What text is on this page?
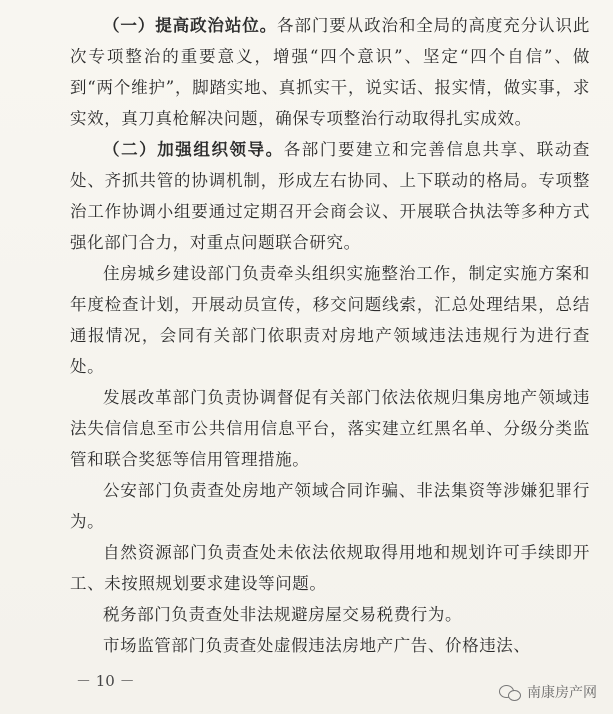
（一）提高政治站位。各部门要从政治和全局的高度充分认识此次专项整治的重要意义，增强“四个意识”、坚定“四个自信”、做到“两个维护”，脚踏实地、真抓实干，说实话、报实情，做实事，求实效，真刀真枪解决问题，确保专项整治行动取得扎实成效。

（二）加强组织领导。各部门要建立和完善信息共享、联动查处、齐抓共管的协调机制，形成左右协同、上下联动的格局。专项整治工作协调小组要通过定期召开会商会议、开展联合执法等多种方式强化部门合力，对重点问题联合研究。

住房城乡建设部门负责牵头组织实施整治工作，制定实施方案和年度检查计划，开展动员宣传，移交问题线索，汇总处理结果，总结通报情况，会同有关部门依职责对房地产领域违法违规行为进行查处。

发展改革部门负责协调督促有关部门依法依规归集房地产领域违法失信信息至市公共信用信息平台，落实建立红黑名单、分级分类监管和联合奖惩等信用管理措施。

公安部门负责查处房地产领域合同诈骗、非法集资等涉嫌犯罪行为。

自然资源部门负责查处未依法依规取得用地和规划许可手续即开工、未按照规划要求建设等问题。

税务部门负责查处非法规避房屋交易税费行为。

市场监管部门负责查处虚假违法房地产广告、价格违法、

－ 10 －
南康房产网
